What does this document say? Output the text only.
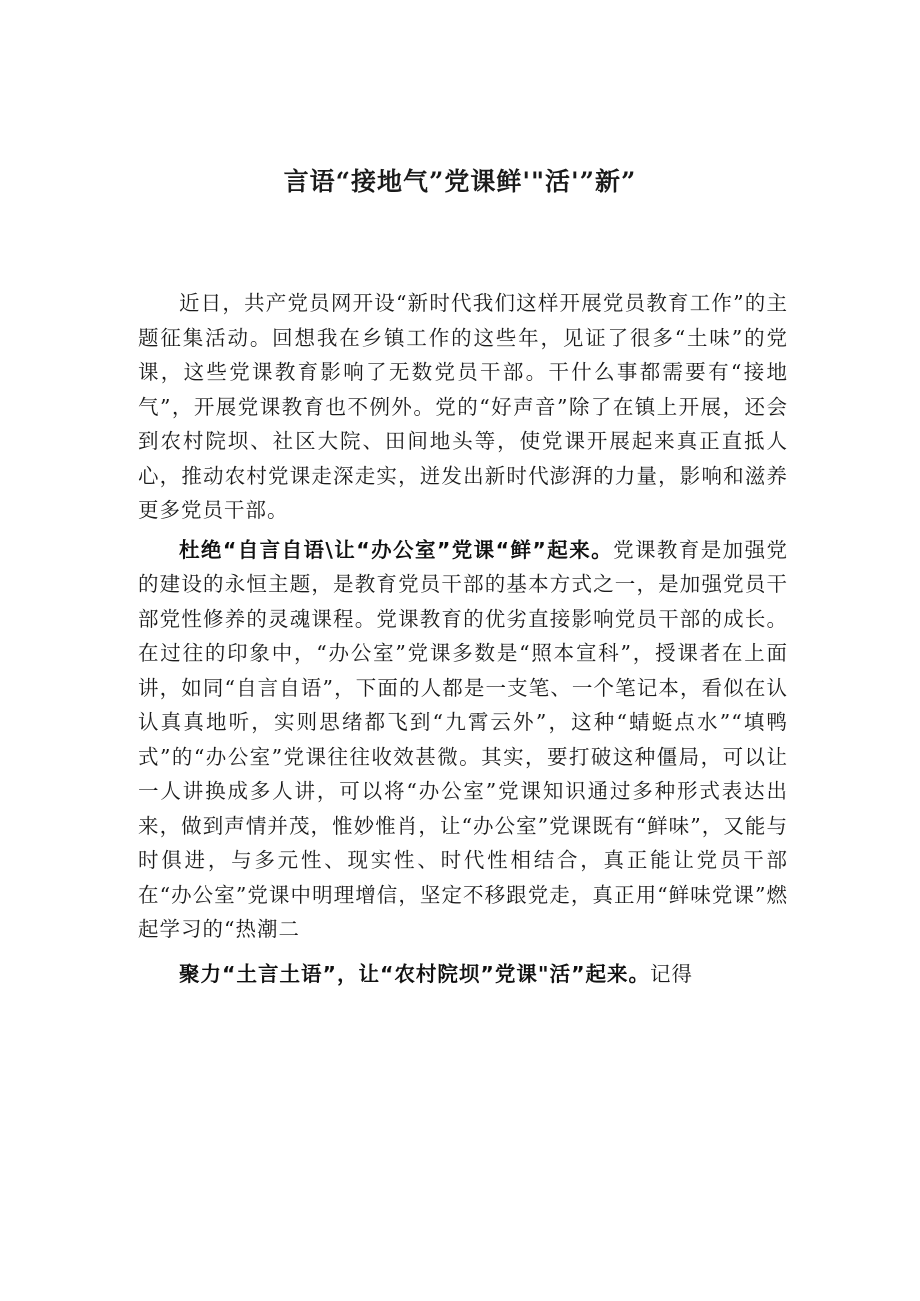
言语“接地气”党课鲜'"活'”新”

近日，共产党员网开设“新时代我们这样开展党员教育工作”的主题征集活动。回想我在乡镇工作的这些年，见证了很多“土味”的党课，这些党课教育影响了无数党员干部。干什么事都需要有“接地气”，开展党课教育也不例外。党的“好声音”除了在镇上开展，还会到农村院坝、社区大院、田间地头等，使党课开展起来真正直抵人心，推动农村党课走深走实，迸发出新时代澎湃的力量，影响和滋养更多党员干部。

杜绝“自言自语\让“办公室”党课“鲜”起来。党课教育是加强党的建设的永恒主题，是教育党员干部的基本方式之一，是加强党员干部党性修养的灵魂课程。党课教育的优劣直接影响党员干部的成长。在过往的印象中，“办公室”党课多数是“照本宣科”，授课者在上面讲，如同“自言自语”，下面的人都是一支笔、一个笔记本，看似在认认真真地听，实则思绪都飞到“九霄云外”，这种“蜻蜓点水”“填鸭式”的“办公室”党课往往收效甚微。其实，要打破这种僵局，可以让一人讲换成多人讲，可以将“办公室”党课知识通过多种形式表达出来，做到声情并茂，惟妙惟肖，让“办公室”党课既有“鲜味”，又能与时俱进，与多元性、现实性、时代性相结合，真正能让党员干部在“办公室”党课中明理增信，坚定不移跟党走，真正用“鲜味党课”燃起学习的“热潮二

聚力“土言土语”，让“农村院坝”党课"活”起来。记得
